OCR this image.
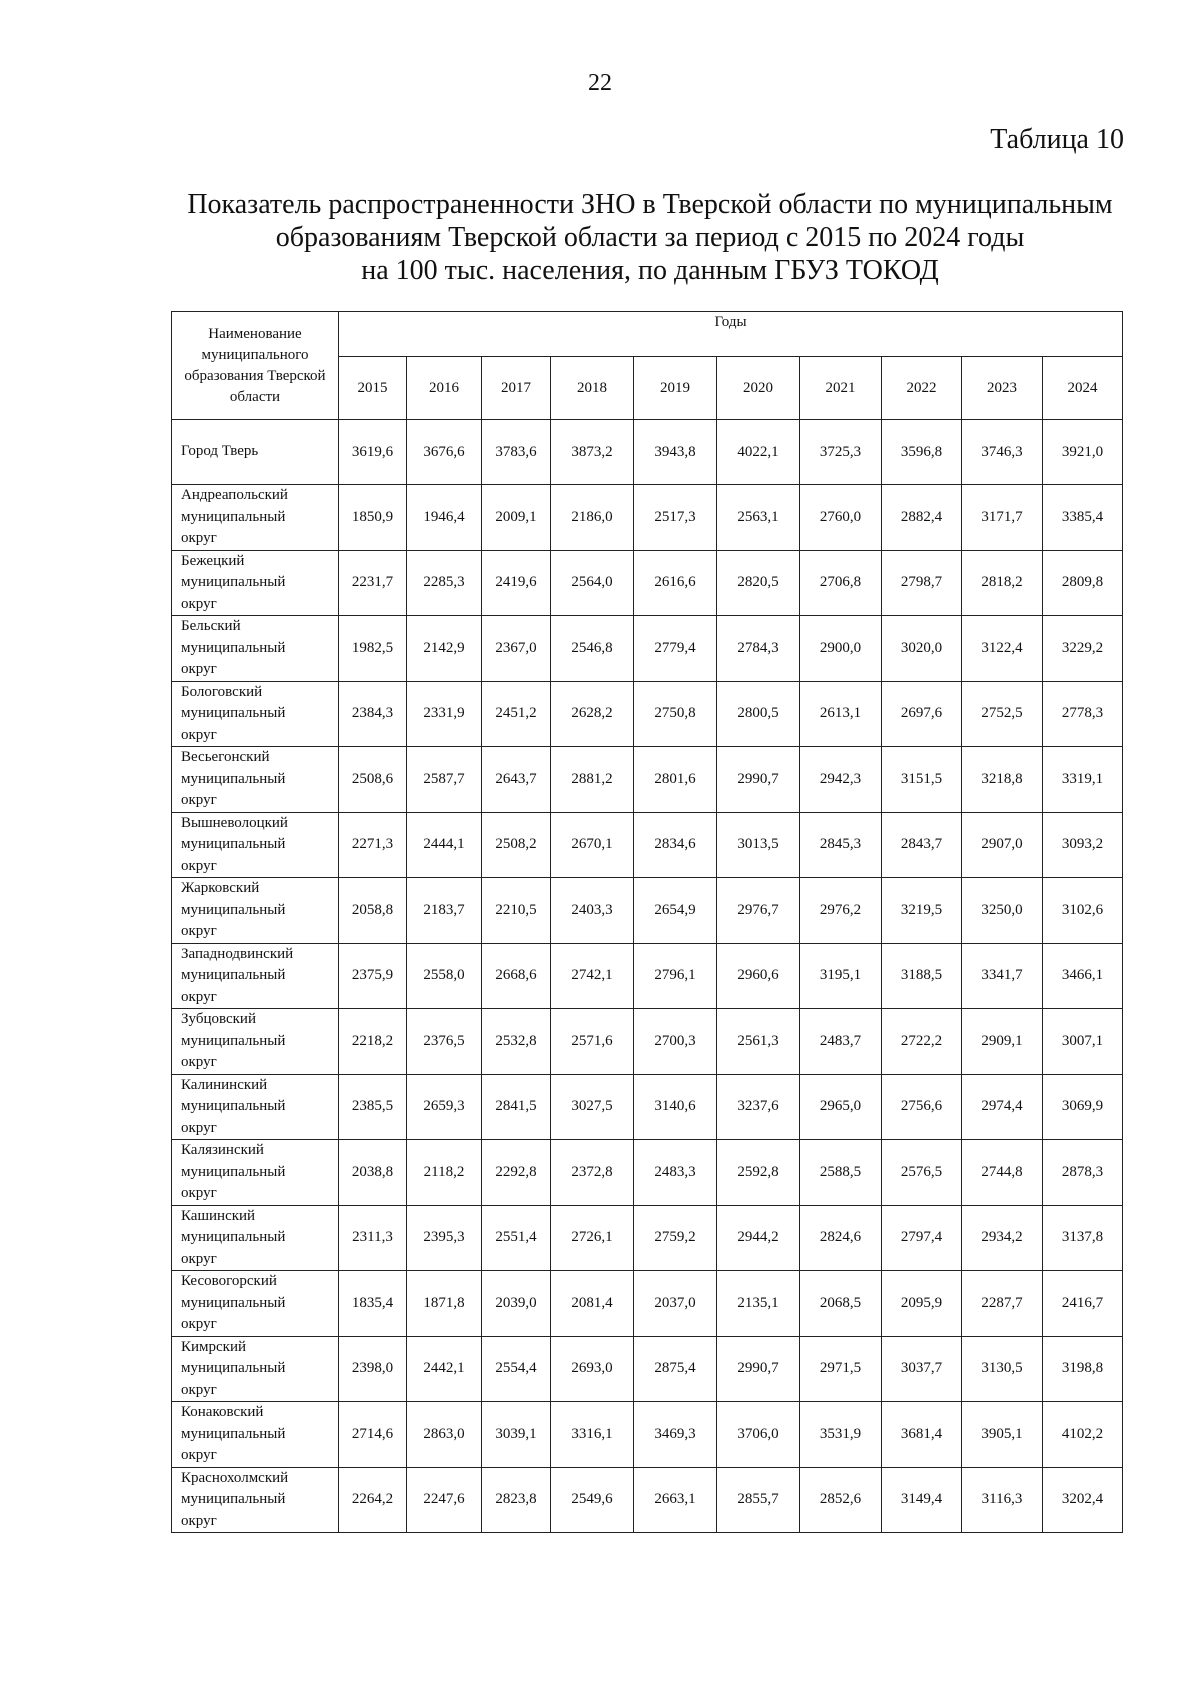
22
Таблица 10
Показатель распространенности ЗНО в Тверской области по муниципальным
образованиям Тверской области за период с 2015 по 2024 годы
на 100 тыс. населения, по данным ГБУЗ ТОКОД
Наименование муниципального образования Тверской области	Годы									
	2015	2016	2017	2018	2019	2020	2021	2022	2023	2024

Город Тверь	3619,6	3676,6	3783,6	3873,2	3943,8	4022,1	3725,3	3596,8	3746,3	3921,0

Андреапольский
муниципальный
округ	1850,9	1946,4	2009,1	2186,0	2517,3	2563,1	2760,0	2882,4	3171,7	3385,4

Бежецкий
муниципальный
округ	2231,7	2285,3	2419,6	2564,0	2616,6	2820,5	2706,8	2798,7	2818,2	2809,8

Бельский
муниципальный
округ	1982,5	2142,9	2367,0	2546,8	2779,4	2784,3	2900,0	3020,0	3122,4	3229,2

Бологовский
муниципальный
округ	2384,3	2331,9	2451,2	2628,2	2750,8	2800,5	2613,1	2697,6	2752,5	2778,3

Весьегонский
муниципальный
округ	2508,6	2587,7	2643,7	2881,2	2801,6	2990,7	2942,3	3151,5	3218,8	3319,1

Вышневолоцкий
муниципальный
округ	2271,3	2444,1	2508,2	2670,1	2834,6	3013,5	2845,3	2843,7	2907,0	3093,2

Жарковский
муниципальный
округ	2058,8	2183,7	2210,5	2403,3	2654,9	2976,7	2976,2	3219,5	3250,0	3102,6

Западнодвинский
муниципальный
округ	2375,9	2558,0	2668,6	2742,1	2796,1	2960,6	3195,1	3188,5	3341,7	3466,1

Зубцовский
муниципальный
округ	2218,2	2376,5	2532,8	2571,6	2700,3	2561,3	2483,7	2722,2	2909,1	3007,1

Калининский
муниципальный
округ	2385,5	2659,3	2841,5	3027,5	3140,6	3237,6	2965,0	2756,6	2974,4	3069,9

Калязинский
муниципальный
округ	2038,8	2118,2	2292,8	2372,8	2483,3	2592,8	2588,5	2576,5	2744,8	2878,3

Кашинский
муниципальный
округ	2311,3	2395,3	2551,4	2726,1	2759,2	2944,2	2824,6	2797,4	2934,2	3137,8

Кесовогорский
муниципальный
округ	1835,4	1871,8	2039,0	2081,4	2037,0	2135,1	2068,5	2095,9	2287,7	2416,7

Кимрский
муниципальный
округ	2398,0	2442,1	2554,4	2693,0	2875,4	2990,7	2971,5	3037,7	3130,5	3198,8

Конаковский
муниципальный
округ	2714,6	2863,0	3039,1	3316,1	3469,3	3706,0	3531,9	3681,4	3905,1	4102,2

Краснохолмский
муниципальный
округ	2264,2	2247,6	2823,8	2549,6	2663,1	2855,7	2852,6	3149,4	3116,3	3202,4
